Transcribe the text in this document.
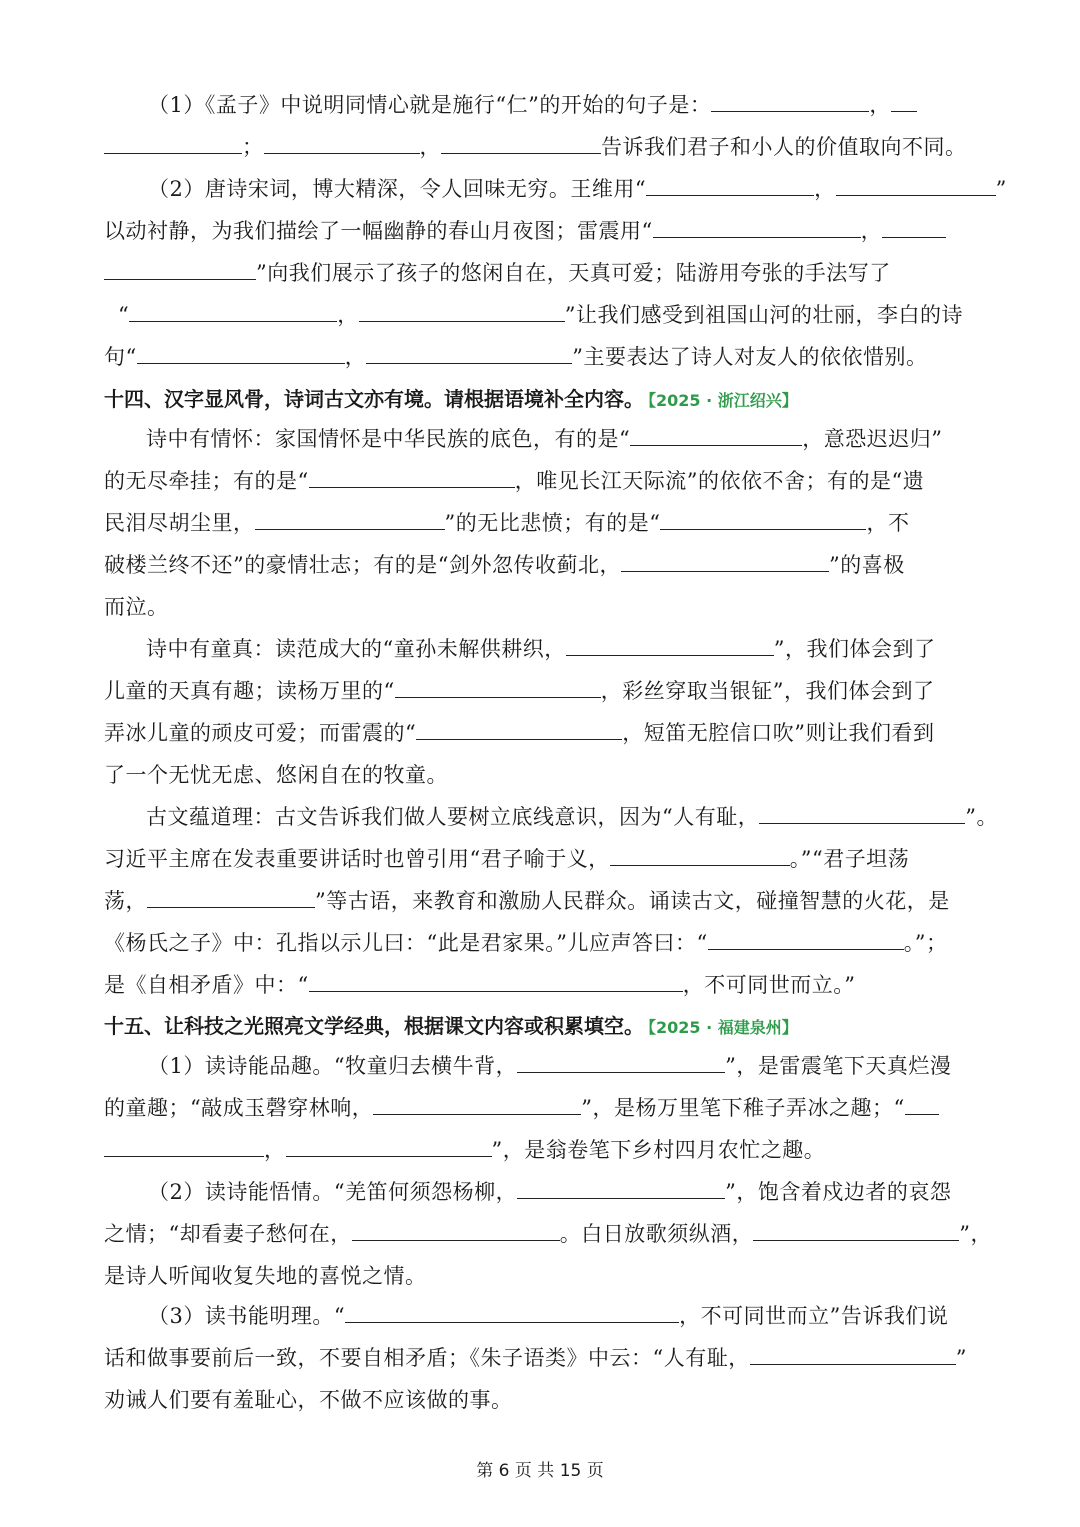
（1）《孟子》中说明同情心就是施行“仁”的开始的句子是：	，
；	，	告诉我们君子和小人的价值取向不同。
（2）唐诗宋词，博大精深，令人回味无穷。王维用“	，	”
以动衬静，为我们描绘了一幅幽静的春山月夜图；雷震用“	，
”向我们展示了孩子的悠闲自在，天真可爱；陆游用夸张的手法写了
“	，	”让我们感受到祖国山河的壮丽，李白的诗
句“	，	”主要表达了诗人对友人的依依惜别。
十四、汉字显风骨，诗词古文亦有境。请根据语境补全内容。 【2025 · 浙江绍兴】
诗中有情怀：家国情怀是中华民族的底色，有的是“	，意恐迟迟归”
的无尽牵挂；有的是“	，唯见长江天际流”的依依不舍；有的是“遗
民泪尽胡尘里，	”的无比悲愤；有的是“	，不
破楼兰终不还”的豪情壮志；有的是“剑外忽传收蓟北，	”的喜极
而泣。
诗中有童真：读范成大的“童孙未解供耕织，	”，我们体会到了
儿童的天真有趣；读杨万里的“	，彩丝穿取当银钲”，我们体会到了
弄冰儿童的顽皮可爱；而雷震的“	，短笛无腔信口吹”则让我们看到
了一个无忧无虑、悠闲自在的牧童。
古文蕴道理：古文告诉我们做人要树立底线意识，因为“人有耻，	”。
习近平主席在发表重要讲话时也曾引用“君子喻于义，	。”“君子坦荡
荡，	”等古语，来教育和激励人民群众。诵读古文，碰撞智慧的火花，是
《杨氏之子》中：孔指以示儿曰：“此是君家果。”儿应声答曰：“	。”；
是《自相矛盾》中：“	，不可同世而立。”
十五、让科技之光照亮文学经典，根据课文内容或积累填空。 【2025 · 福建泉州】
（1）读诗能品趣。“牧童归去横牛背，	”，是雷震笔下天真烂漫
的童趣；“敲成玉磬穿林响，	”，是杨万里笔下稚子弄冰之趣；“
，	”，是翁卷笔下乡村四月农忙之趣。
（2）读诗能悟情。“羌笛何须怨杨柳，	”，饱含着戍边者的哀怨
之情；“却看妻子愁何在，	。白日放歌须纵酒，	”，
是诗人听闻收复失地的喜悦之情。
（3）读书能明理。“	，不可同世而立”告诉我们说
话和做事要前后一致，不要自相矛盾；《朱子语类》中云：“人有耻，	”
劝诫人们要有羞耻心，不做不应该做的事。
第 6 页 共 15 页
